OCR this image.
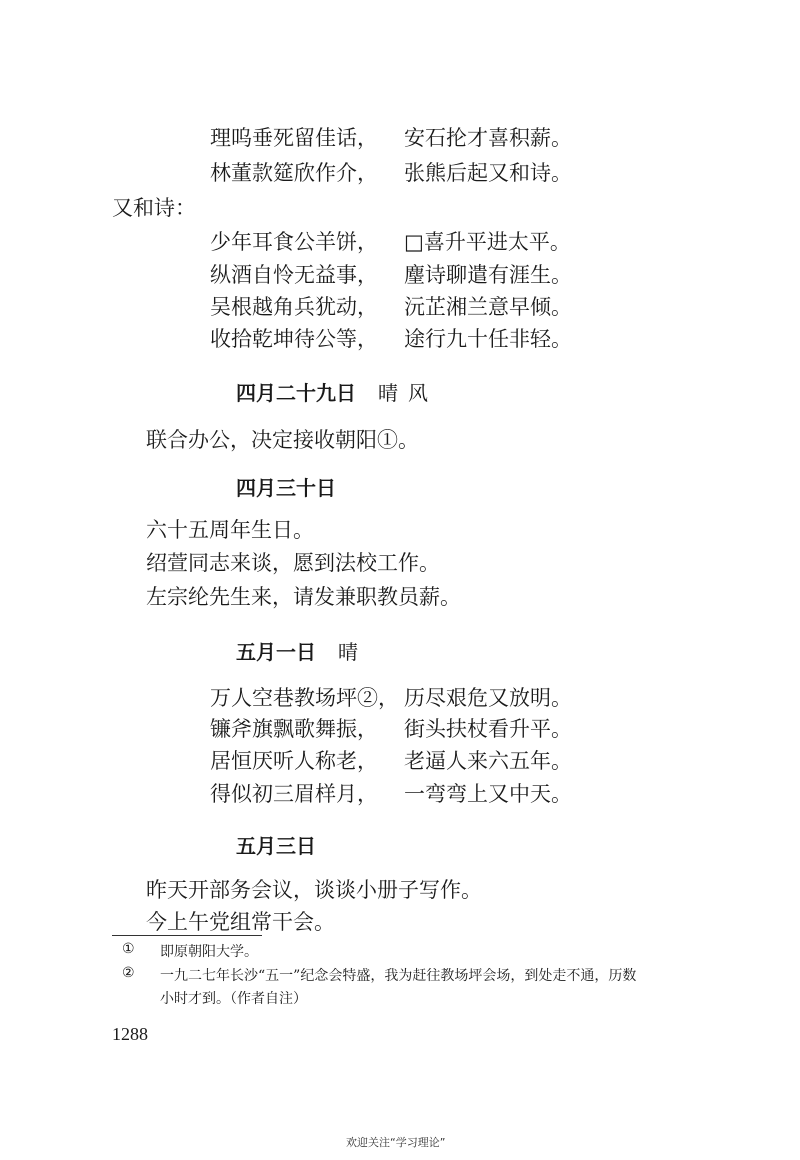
理呜垂死留佳话， 安石抡才喜积薪。
林董款筵欣作介， 张熊后起又和诗。
又和诗：
少年耳食公羊饼， □喜升平进太平。
纵酒自怜无益事， 麈诗聊遣有涯生。
吴根越角兵犹动， 沅芷湘兰意早倾。
收拾乾坤待公等， 途行九十任非轻。
四月二十九日 晴风
联合办公，决定接收朝阳①。
四月三十日
六十五周年生日。
绍萱同志来谈，愿到法校工作。
左宗纶先生来，请发兼职教员薪。
五月一日 晴
万人空巷教场坪②， 历尽艰危又放明。
镰斧旗飘歌舞振， 街头扶杖看升平。
居恒厌听人称老， 老逼人来六五年。
得似初三眉样月， 一弯弯上又中天。
五月三日
昨天开部务会议，谈谈小册子写作。
今上午党组常干会。
① 即原朝阳大学。
② 一九二七年长沙“五一”纪念会特盛，我为赶往教场坪会场，到处走不通，历数
小时才到。（作者自注）
1288
欢迎关注“学习理论”
